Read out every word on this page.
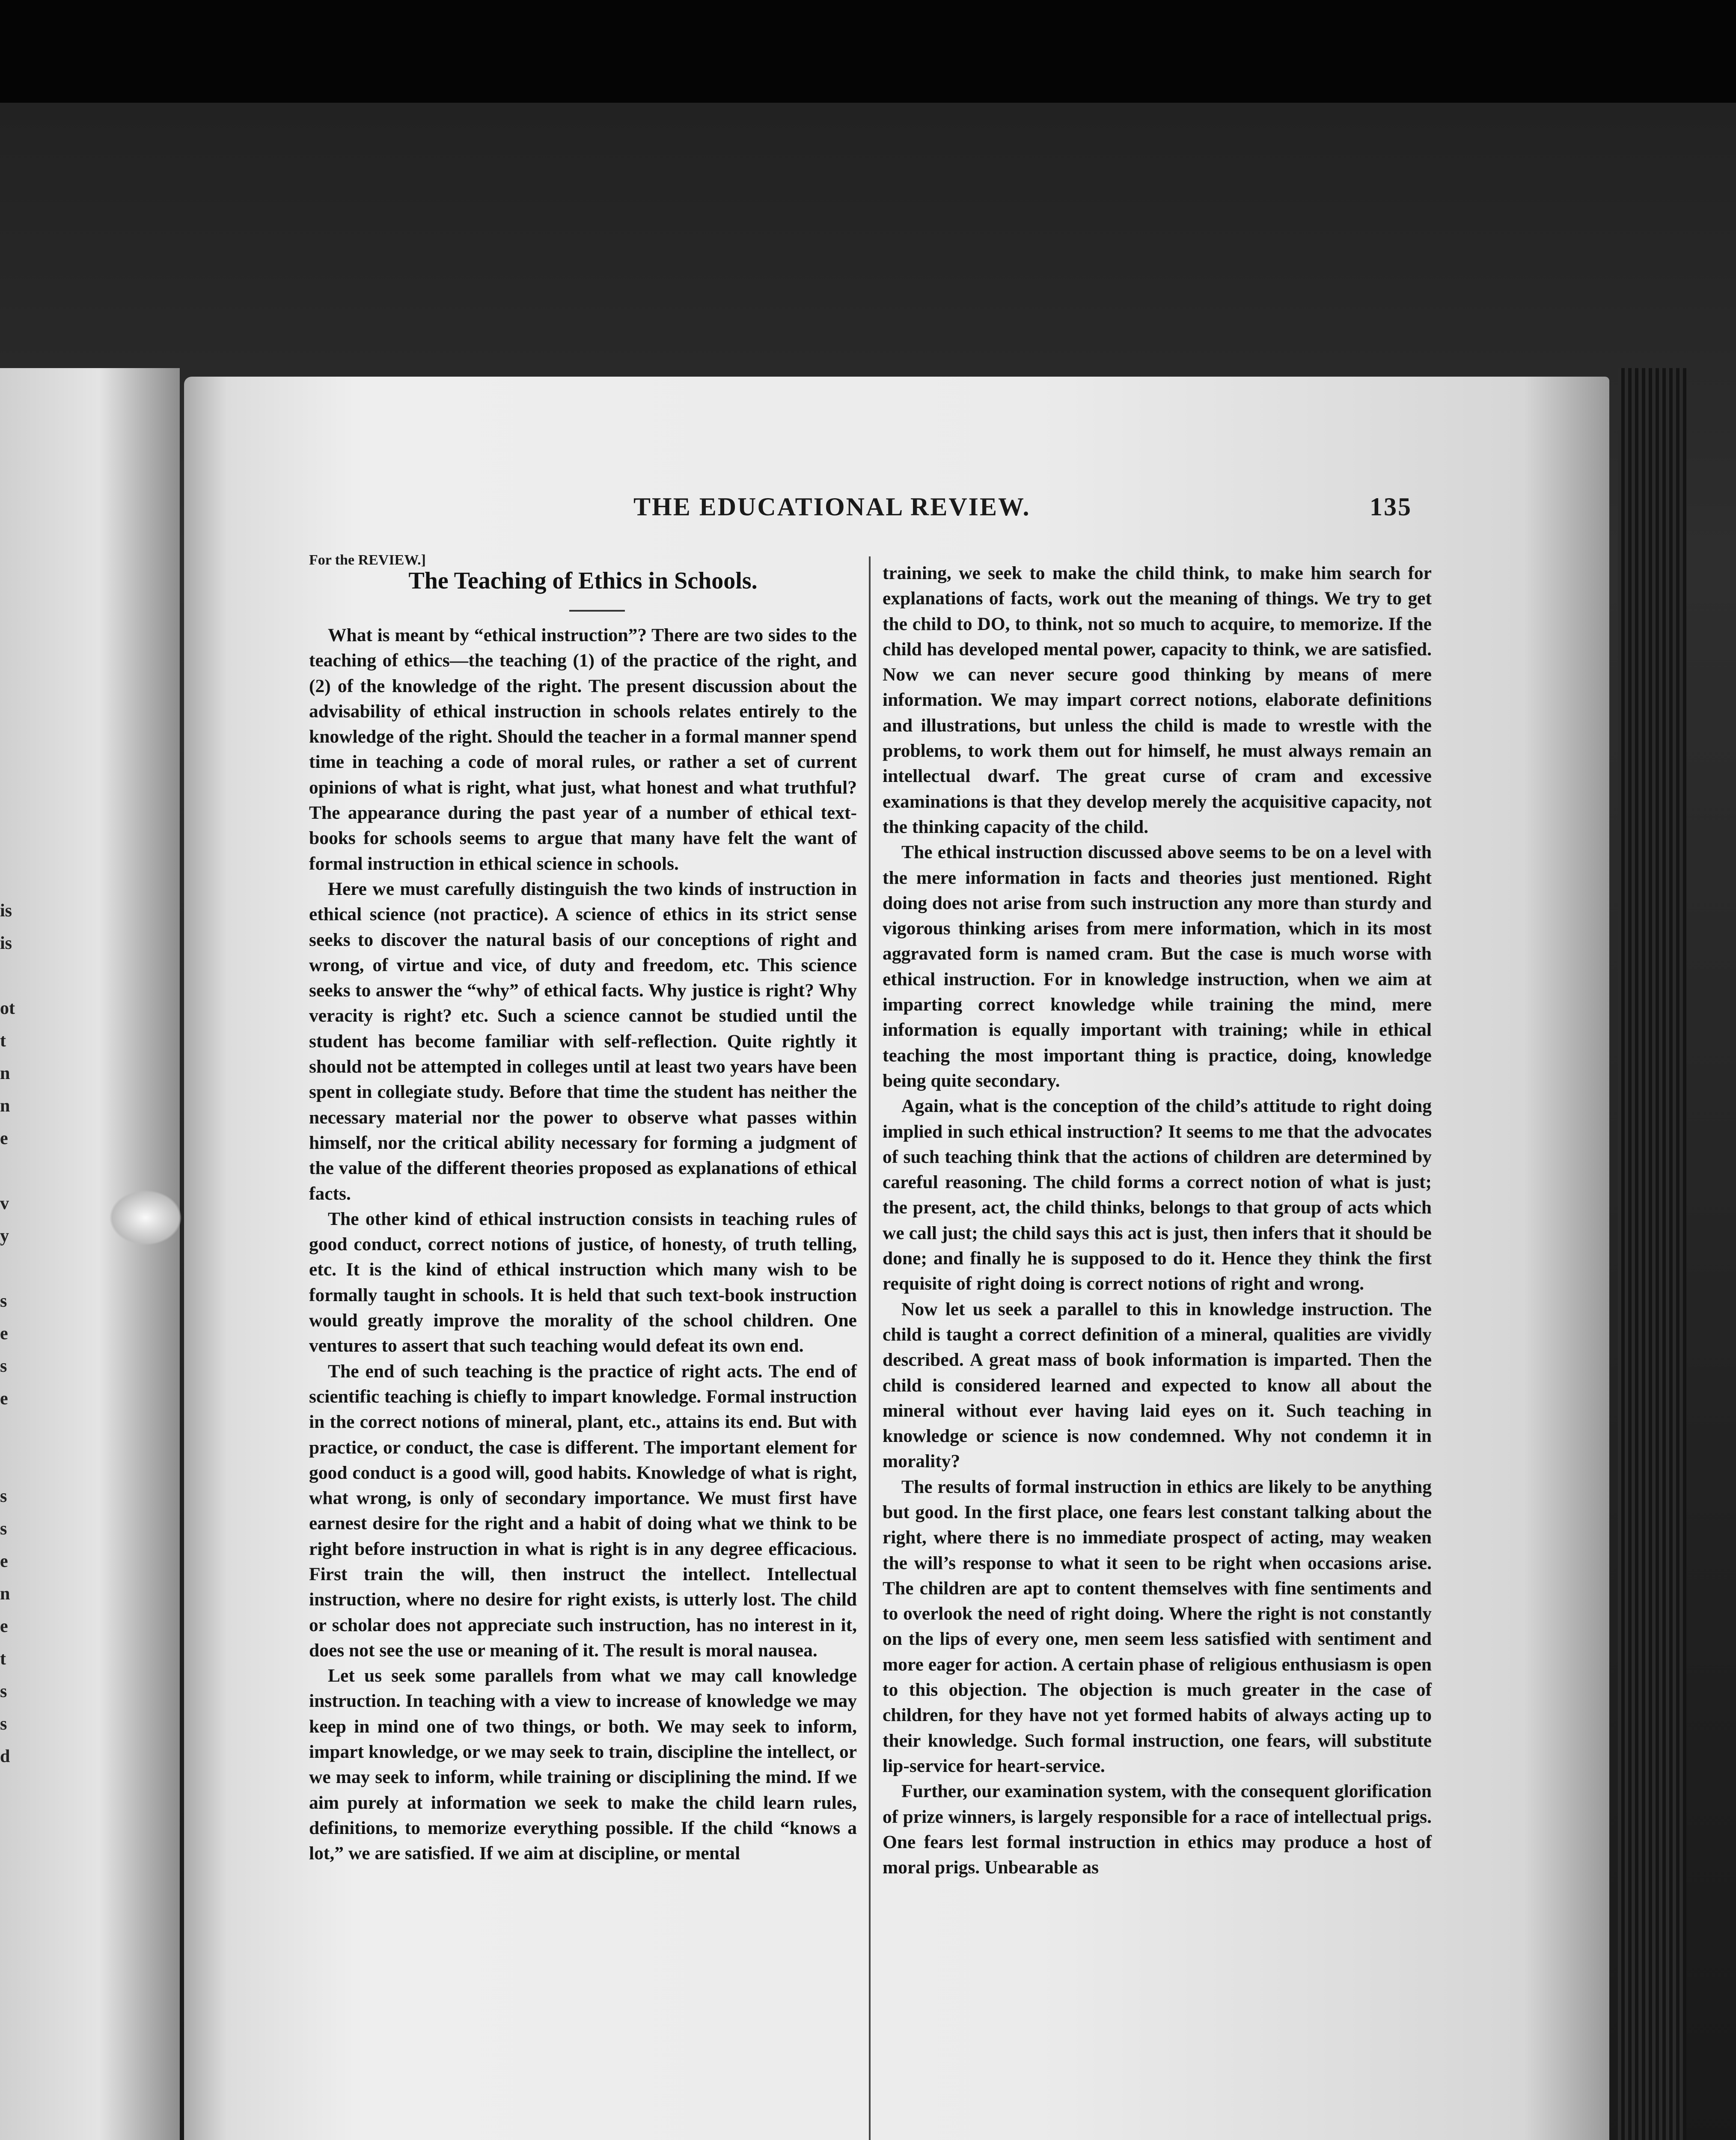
is
is

ot
t
n
n
e

v
y

s
e
s
e

s
s
e
n
e
t
s
s
d
THE EDUCATIONAL REVIEW.	135
For the REVIEW.]
The Teaching of Ethics in Schools.

What is meant by “ethical instruction”? There are two sides to the teaching of ethics—the teaching (1) of the practice of the right, and (2) of the knowledge of the right. The present discussion about the advisability of ethical instruction in schools relates entirely to the knowledge of the right. Should the teacher in a formal manner spend time in teaching a code of moral rules, or rather a set of current opinions of what is right, what just, what honest and what truthful? The appearance during the past year of a number of ethical text-books for schools seems to argue that many have felt the want of formal instruction in ethical science in schools.

Here we must carefully distinguish the two kinds of instruction in ethical science (not practice). A science of ethics in its strict sense seeks to discover the natural basis of our conceptions of right and wrong, of virtue and vice, of duty and freedom, etc. This science seeks to answer the “why” of ethical facts. Why justice is right? Why veracity is right? etc. Such a science cannot be studied until the student has become familiar with self-reflection. Quite rightly it should not be attempted in colleges until at least two years have been spent in collegiate study. Before that time the student has neither the necessary material nor the power to observe what passes within himself, nor the critical ability necessary for forming a judgment of the value of the different theories proposed as explanations of ethical facts.

The other kind of ethical instruction consists in teaching rules of good conduct, correct notions of justice, of honesty, of truth telling, etc. It is the kind of ethical instruction which many wish to be formally taught in schools. It is held that such text-book instruction would greatly improve the morality of the school children. One ventures to assert that such teaching would defeat its own end.

The end of such teaching is the practice of right acts. The end of scientific teaching is chiefly to impart knowledge. Formal instruction in the correct notions of mineral, plant, etc., attains its end. But with practice, or conduct, the case is different. The important element for good conduct is a good will, good habits. Knowledge of what is right, what wrong, is only of secondary importance. We must first have earnest desire for the right and a habit of doing what we think to be right before instruction in what is right is in any degree efficacious. First train the will, then instruct the intellect. Intellectual instruction, where no desire for right exists, is utterly lost. The child or scholar does not appreciate such instruction, has no interest in it, does not see the use or meaning of it. The result is moral nausea.

Let us seek some parallels from what we may call knowledge instruction. In teaching with a view to increase of knowledge we may keep in mind one of two things, or both. We may seek to inform, impart knowledge, or we may seek to train, discipline the intellect, or we may seek to inform, while training or disciplining the mind. If we aim purely at information we seek to make the child learn rules, definitions, to memorize everything possible. If the child “knows a lot,” we are satisfied. If we aim at discipline, or mental

training, we seek to make the child think, to make him search for explanations of facts, work out the meaning of things. We try to get the child to DO, to think, not so much to acquire, to memorize. If the child has developed mental power, capacity to think, we are satisfied. Now we can never secure good thinking by means of mere information. We may impart correct notions, elaborate definitions and illustrations, but unless the child is made to wrestle with the problems, to work them out for himself, he must always remain an intellectual dwarf. The great curse of cram and excessive examinations is that they develop merely the acquisitive capacity, not the thinking capacity of the child.

The ethical instruction discussed above seems to be on a level with the mere information in facts and theories just mentioned. Right doing does not arise from such instruction any more than sturdy and vigorous thinking arises from mere information, which in its most aggravated form is named cram. But the case is much worse with ethical instruction. For in knowledge instruction, when we aim at imparting correct knowledge while training the mind, mere information is equally important with training; while in ethical teaching the most important thing is practice, doing, knowledge being quite secondary.

Again, what is the conception of the child’s attitude to right doing implied in such ethical instruction? It seems to me that the advocates of such teaching think that the actions of children are determined by careful reasoning. The child forms a correct notion of what is just; the present, act, the child thinks, belongs to that group of acts which we call just; the child says this act is just, then infers that it should be done; and finally he is supposed to do it. Hence they think the first requisite of right doing is correct notions of right and wrong.

Now let us seek a parallel to this in knowledge instruction. The child is taught a correct definition of a mineral, qualities are vividly described. A great mass of book information is imparted. Then the child is considered learned and expected to know all about the mineral without ever having laid eyes on it. Such teaching in knowledge or science is now condemned. Why not condemn it in morality?

The results of formal instruction in ethics are likely to be anything but good. In the first place, one fears lest constant talking about the right, where there is no immediate prospect of acting, may weaken the will’s response to what it seen to be right when occasions arise. The children are apt to content themselves with fine sentiments and to overlook the need of right doing. Where the right is not constantly on the lips of every one, men seem less satisfied with sentiment and more eager for action. A certain phase of religious enthusiasm is open to this objection. The objection is much greater in the case of children, for they have not yet formed habits of always acting up to their knowledge. Such formal instruction, one fears, will substitute lip-service for heart-service.

Further, our examination system, with the consequent glorification of prize winners, is largely responsible for a race of intellectual prigs. One fears lest formal instruction in ethics may produce a host of moral prigs. Unbearable as
